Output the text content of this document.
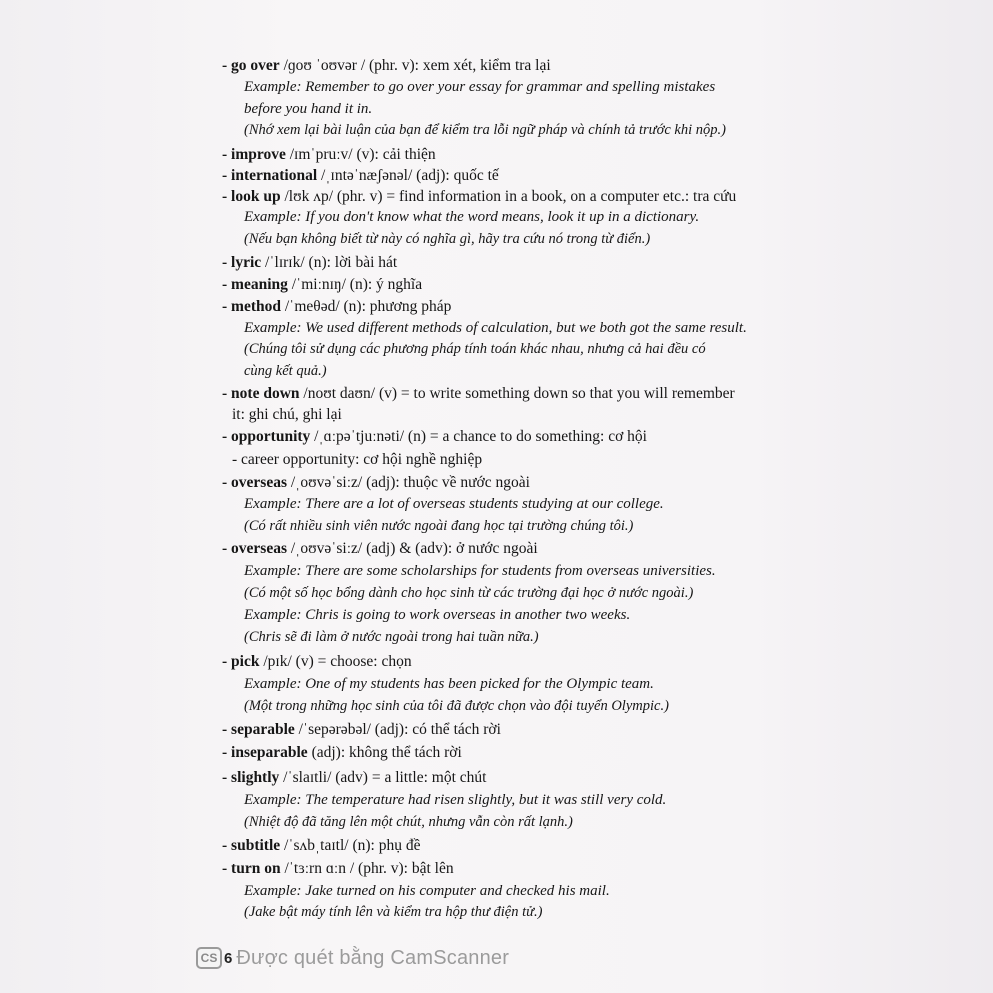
- go over /ɡoʊ ˈoʊvər / (phr. v): xem xét, kiểm tra lại
Example: Remember to go over your essay for grammar and spelling mistakes
before you hand it in.
(Nhớ xem lại bài luận của bạn để kiểm tra lỗi ngữ pháp và chính tả trước khi nộp.)
- improve /ɪmˈpruːv/ (v): cải thiện
- international /ˌɪntəˈnæʃənəl/ (adj): quốc tế
- look up /lʊk ʌp/ (phr. v) = find information in a book, on a computer etc.: tra cứu
Example: If you don't know what the word means, look it up in a dictionary.
(Nếu bạn không biết từ này có nghĩa gì, hãy tra cứu nó trong từ điển.)
- lyric /ˈlɪrɪk/ (n): lời bài hát
- meaning /ˈmiːnɪŋ/ (n): ý nghĩa
- method /ˈmeθəd/ (n): phương pháp
Example: We used different methods of calculation, but we both got the same result.
(Chúng tôi sử dụng các phương pháp tính toán khác nhau, nhưng cả hai đều có
cùng kết quả.)
- note down /noʊt daʊn/ (v) = to write something down so that you will remember
it: ghi chú, ghi lại
- opportunity /ˌɑːpəˈtjuːnəti/ (n) = a chance to do something: cơ hội
- career opportunity: cơ hội nghề nghiệp
- overseas /ˌoʊvəˈsiːz/ (adj): thuộc về nước ngoài
Example: There are a lot of overseas students studying at our college.
(Có rất nhiều sinh viên nước ngoài đang học tại trường chúng tôi.)
- overseas /ˌoʊvəˈsiːz/ (adj) & (adv): ở nước ngoài
Example: There are some scholarships for students from overseas universities.
(Có một số học bổng dành cho học sinh từ các trường đại học ở nước ngoài.)
Example: Chris is going to work overseas in another two weeks.
(Chris sẽ đi làm ở nước ngoài trong hai tuần nữa.)
- pick /pɪk/ (v) = choose: chọn
Example: One of my students has been picked for the Olympic team.
(Một trong những học sinh của tôi đã được chọn vào đội tuyển Olympic.)
- separable /ˈsepərəbəl/ (adj): có thể tách rời
- inseparable (adj): không thể tách rời
- slightly /ˈslaɪtli/ (adv) = a little: một chút
Example: The temperature had risen slightly, but it was still very cold.
(Nhiệt độ đã tăng lên một chút, nhưng vẫn còn rất lạnh.)
- subtitle /ˈsʌbˌtaɪtl/ (n): phụ đề
- turn on /ˈtɜːrn ɑːn / (phr. v): bật lên
Example: Jake turned on his computer and checked his mail.
(Jake bật máy tính lên và kiểm tra hộp thư điện tử.)
CS 6 Được quét bằng CamScanner
